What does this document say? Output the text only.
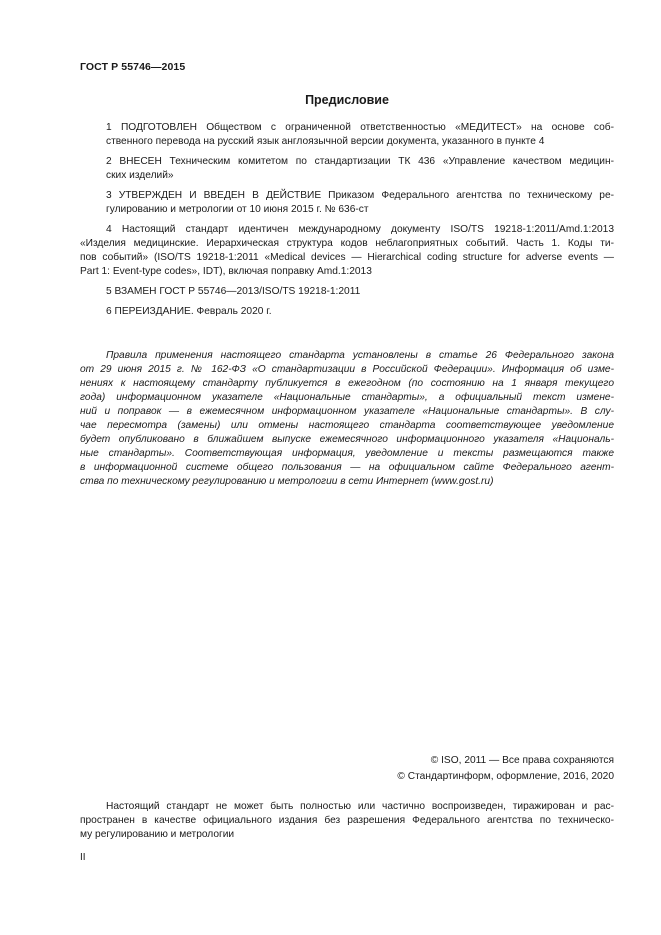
ГОСТ Р 55746—2015
Предисловие

1 ПОДГОТОВЛЕН Обществом с ограниченной ответственностью «МЕДИТЕСТ» на основе соб-
ственного перевода на русский язык англоязычной версии документа, указанного в пункте 4

2 ВНЕСЕН Техническим комитетом по стандартизации ТК 436 «Управление качеством медицин-
ских изделий»

3 УТВЕРЖДЕН И ВВЕДЕН В ДЕЙСТВИЕ Приказом Федерального агентства по техническому ре-
гулированию и метрологии от 10 июня 2015 г. № 636-ст

4 Настоящий стандарт идентичен международному документу ISO/TS 19218-1:2011/Amd.1:2013
«Изделия медицинские. Иерархическая структура кодов неблагоприятных событий. Часть 1. Коды ти-
пов событий» (ISO/TS 19218-1:2011 «Medical devices — Hierarchical coding structure for adverse events —
Part 1: Event-type codes», IDT), включая поправку Amd.1:2013

5 ВЗАМЕН ГОСТ Р 55746—2013/ISO/TS 19218-1:2011

6 ПЕРЕИЗДАНИЕ. Февраль 2020 г.

Правила применения настоящего стандарта установлены в статье 26 Федерального закона
от 29 июня 2015 г. № 162-ФЗ «О стандартизации в Российской Федерации». Информация об изме-
нениях к настоящему стандарту публикуется в ежегодном (по состоянию на 1 января текущего
года) информационном указателе «Национальные стандарты», а официальный текст измене-
ний и поправок — в ежемесячном информационном указателе «Национальные стандарты». В слу-
чае пересмотра (замены) или отмены настоящего стандарта соответствующее уведомление
будет опубликовано в ближайшем выпуске ежемесячного информационного указателя «Националь-
ные стандарты». Соответствующая информация, уведомление и тексты размещаются также
в информационной системе общего пользования — на официальном сайте Федерального агент-
ства по техническому регулированию и метрологии в сети Интернет (www.gost.ru)

© ISO, 2011 — Все права сохраняются
© Стандартинформ, оформление, 2016, 2020

Настоящий стандарт не может быть полностью или частично воспроизведен, тиражирован и рас-
пространен в качестве официального издания без разрешения Федерального агентства по техническо-
му регулированию и метрологии

II
